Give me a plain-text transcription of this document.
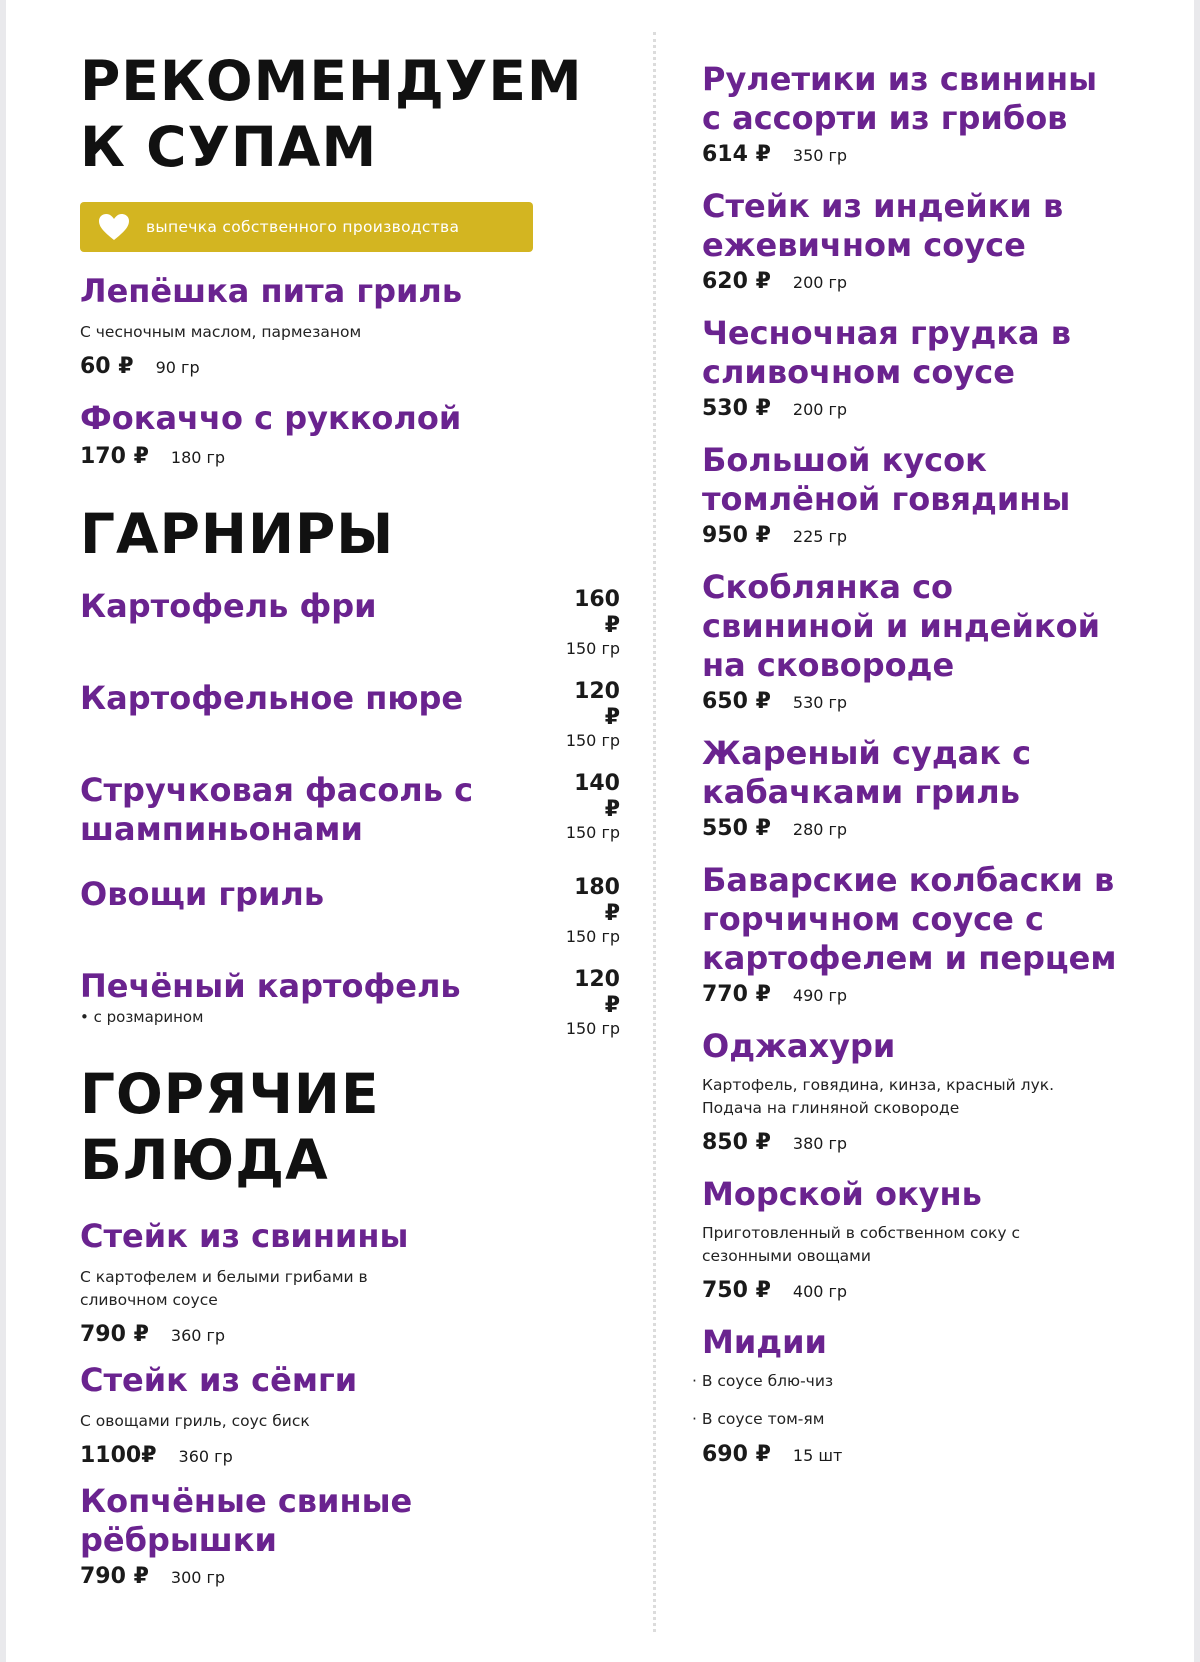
РЕКОМЕНДУЕМ К СУПАМ
выпечка собственного производства
Лепёшка пита гриль
С чесночным маслом, пармезаном
60 ₽ 90 гр
Фокаччо с рукколой
170 ₽ 180 гр
ГАРНИРЫ
Картофель фри	160 ₽
150 гр
Картофельное пюре	120 ₽
150 гр
Стручковая фасоль с шампиньонами
140 ₽
150 гр
Овощи гриль	180 ₽
150 гр
Печёный картофель
• с розмарином
120 ₽
150 гр
ГОРЯЧИЕ БЛЮДА
Стейк из свинины
С картофелем и белыми грибами в сливочном соусе
790 ₽ 360 гр
Стейк из сёмги
С овощами гриль, соус биск
1100₽ 360 гр
Копчёные свиные рёбрышки
790 ₽ 300 гр
Рулетики из свинины с ассорти из грибов
614 ₽ 350 гр
Стейк из индейки в ежевичном соусе
620 ₽ 200 гр
Чесночная грудка в сливочном соусе
530 ₽ 200 гр
Большой кусок томлёной говядины
950 ₽ 225 гр
Скоблянка со свининой и индейкой на сковороде
650 ₽ 530 гр
Жареный судак с кабачками гриль
550 ₽ 280 гр
Баварские колбаски в горчичном соусе с картофелем и перцем
770 ₽ 490 гр
Оджахури
Картофель, говядина, кинза, красный лук. Подача на глиняной сковороде
850 ₽ 380 гр
Морской окунь
Приготовленный в собственном соку с сезонными овощами
750 ₽ 400 гр
Мидии
· В соусе блю-чиз
· В соусе том-ям
690 ₽ 15 шт
